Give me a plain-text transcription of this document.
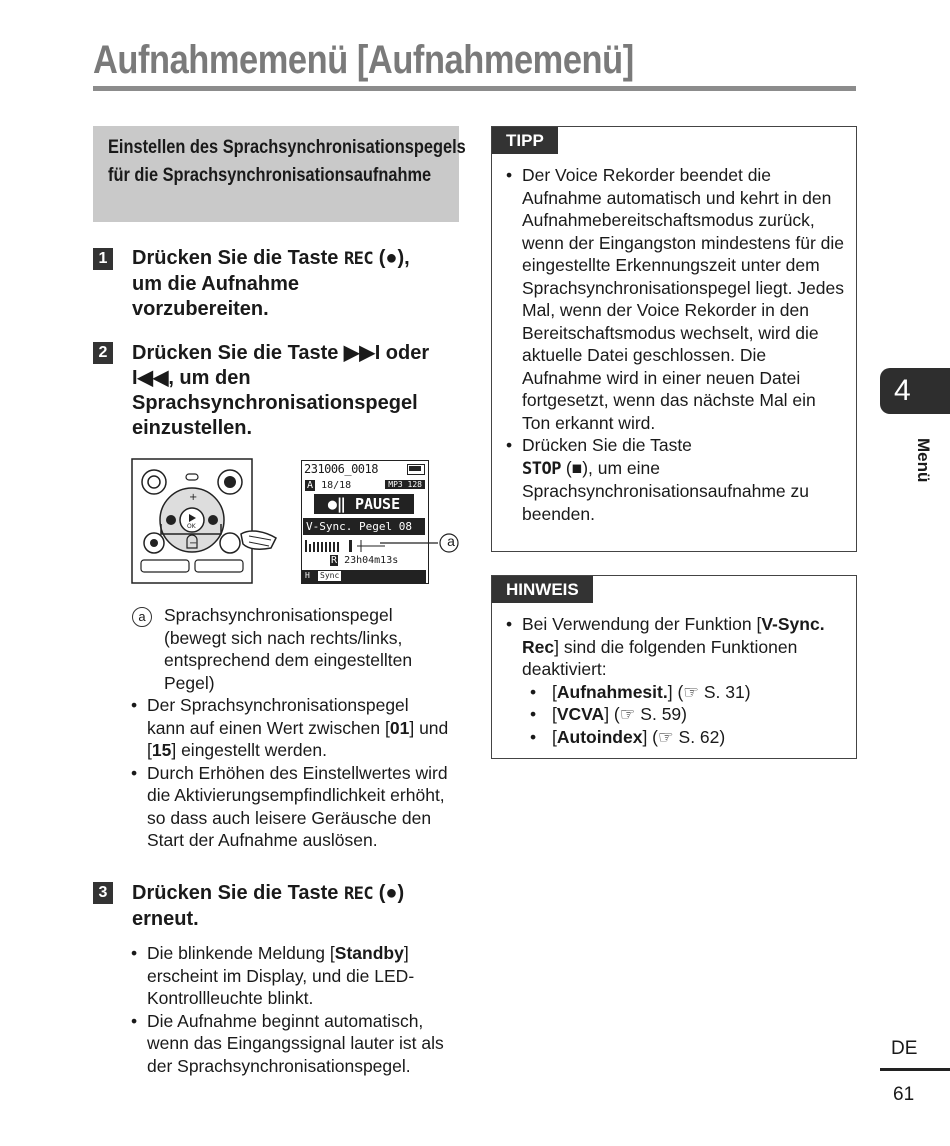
Aufnahmemenü [Aufnahmemenü]
Einstellen des Sprachsynchronisationspegels für die Sprachsynchronisationsaufnahme
1 Drücken Sie die Taste REC (●), um die Aufnahme vorzubereiten.
2 Drücken Sie die Taste ▶▶I oder I◀◀, um den Sprachsynchronisationspegel einzustellen.
OK
+
−
231006_0018
A 18/18	MP3 128
●‖ PAUSE
V-Sync. Pegel 08
R 23h04m13s
H Sync
a
a	Sprachsynchronisationspegel (bewegt sich nach rechts/links, entsprechend dem eingestellten Pegel)
• Der Sprachsynchronisationspegel kann auf einen Wert zwischen [01] und [15] eingestellt werden.
• Durch Erhöhen des Einstellwertes wird die Aktivierungsempfindlichkeit erhöht, so dass auch leisere Geräusche den Start der Aufnahme auslösen.
3 Drücken Sie die Taste REC (●) erneut.
• Die blinkende Meldung [Standby] erscheint im Display, und die LED-Kontrollleuchte blinkt.
• Die Aufnahme beginnt automatisch, wenn das Eingangssignal lauter ist als der Sprachsynchronisationspegel.
TIPP
• Der Voice Rekorder beendet die Aufnahme automatisch und kehrt in den Aufnahmebereitschaftsmodus zurück, wenn der Eingangston mindestens für die eingestellte Erkennungszeit unter dem Sprachsynchronisationspegel liegt. Jedes Mal, wenn der Voice Rekorder in den Bereitschaftsmodus wechselt, wird die aktuelle Datei geschlossen. Die Aufnahme wird in einer neuen Datei fortgesetzt, wenn das nächste Mal ein Ton erkannt wird.
• Drücken Sie die Taste
STOP (■), um eine Sprachsynchronisationsaufnahme zu beenden.
HINWEIS
• Bei Verwendung der Funktion [V-Sync. Rec] sind die folgenden Funktionen deaktiviert:
• [Aufnahmesit.] (☞ S. 31)
• [VCVA] (☞ S. 59)
• [Autoindex] (☞ S. 62)
4
Menü
DE
61
